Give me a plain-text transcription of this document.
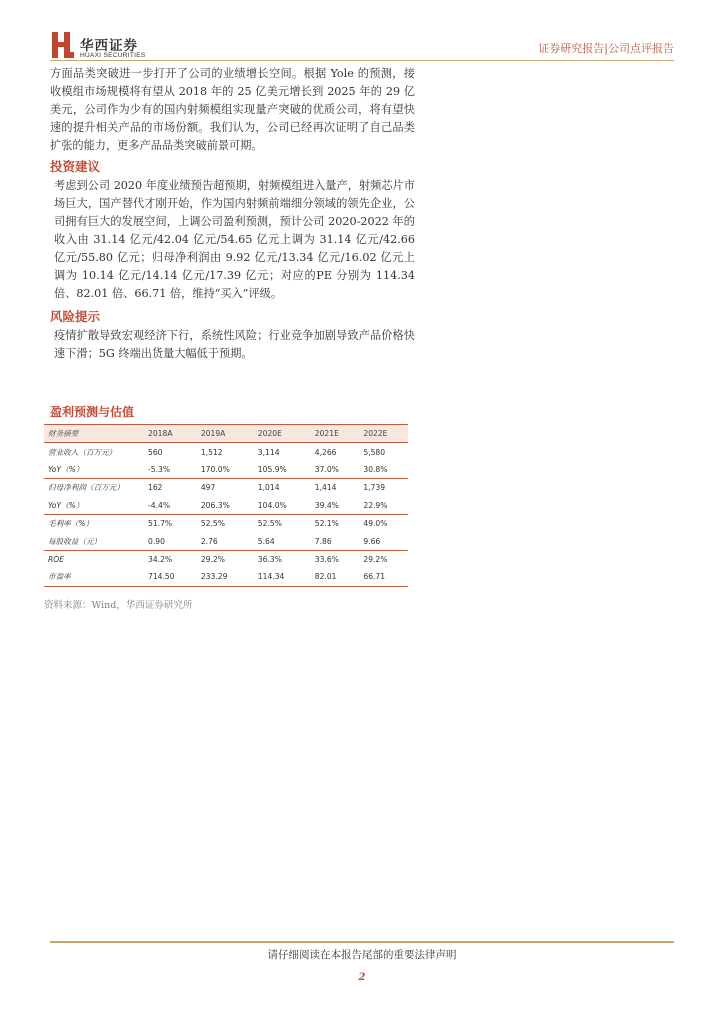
华西证券
HUAXI SECURITIES
证券研究报告|公司点评报告

方面品类突破进一步打开了公司的业绩增长空间。根据 Yole 的预测，接收模组市场规模将有望从 2018 年的 25 亿美元增长到 2025 年的 29 亿美元，公司作为少有的国内射频模组实现量产突破的优质公司，将有望快速的提升相关产品的市场份额。我们认为，公司已经再次证明了自己品类扩张的能力，更多产品品类突破前景可期。

投资建议

考虑到公司 2020 年度业绩预告超预期，射频模组进入量产，射频芯片市场巨大，国产替代才刚开始，作为国内射频前端细分领域的领先企业，公司拥有巨大的发展空间，上调公司盈利预测，预计公司 2020-2022 年的收入由 31.14 亿元/42.04 亿元/54.65 亿元上调为 31.14 亿元/42.66 亿元/55.80 亿元；归母净利润由 9.92 亿元/13.34 亿元/16.02 亿元上调为 10.14 亿元/14.14 亿元/17.39 亿元；对应的PE 分别为 114.34 倍、82.01 倍、66.71 倍，维持“买入”评级。

风险提示

疫情扩散导致宏观经济下行，系统性风险；行业竞争加剧导致产品价格快速下滑；5G 终端出货量大幅低于预期。

盈利预测与估值
财务摘要	2018A	2019A	2020E	2021E	2022E
营业收入（百万元）	560	1,512	3,114	4,266	5,580
YoY（%）	-5.3%	170.0%	105.9%	37.0%	30.8%
归母净利润（百万元）	162	497	1,014	1,414	1,739
YoY（%）	-4.4%	206.3%	104.0%	39.4%	22.9%
毛利率（%）	51.7%	52.5%	52.5%	52.1%	49.0%
每股收益（元）	0.90	2.76	5.64	7.86	9.66
ROE	34.2%	29.2%	36.3%	33.6%	29.2%
市盈率	714.50	233.29	114.34	82.01	66.71
资料来源：Wind，华西证券研究所
请仔细阅读在本报告尾部的重要法律声明
2
